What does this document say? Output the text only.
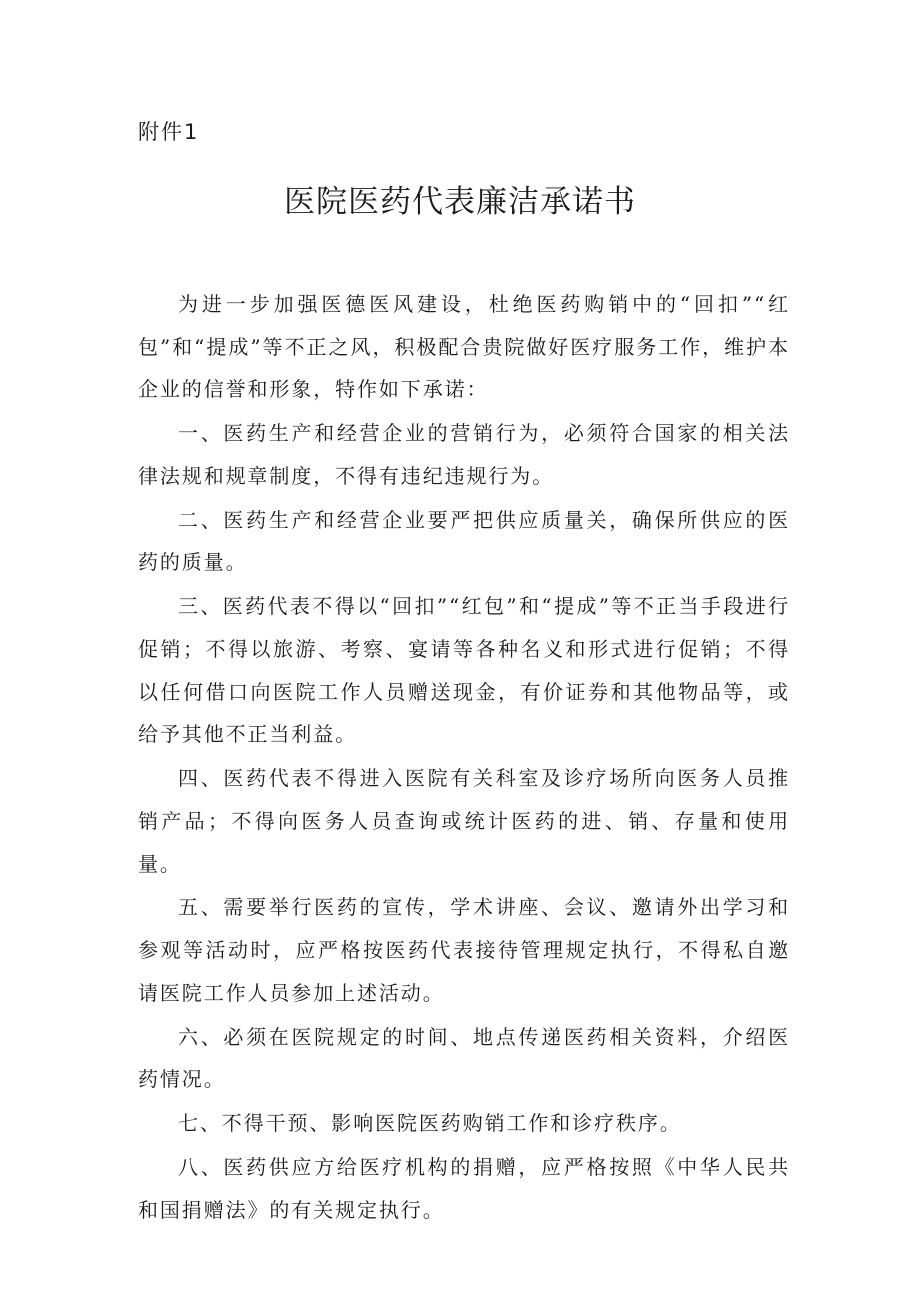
附件1
医院医药代表廉洁承诺书

为进一步加强医德医风建设，杜绝医药购销中的“回扣”“红包”和“提成”等不正之风，积极配合贵院做好医疗服务工作，维护本企业的信誉和形象，特作如下承诺：

一、医药生产和经营企业的营销行为，必须符合国家的相关法律法规和规章制度，不得有违纪违规行为。

二、医药生产和经营企业要严把供应质量关，确保所供应的医药的质量。

三、医药代表不得以“回扣”“红包”和“提成”等不正当手段进行促销；不得以旅游、考察、宴请等各种名义和形式进行促销；不得以任何借口向医院工作人员赠送现金，有价证券和其他物品等，或给予其他不正当利益。

四、医药代表不得进入医院有关科室及诊疗场所向医务人员推销产品；不得向医务人员查询或统计医药的进、销、存量和使用量。

五、需要举行医药的宣传，学术讲座、会议、邀请外出学习和参观等活动时，应严格按医药代表接待管理规定执行，不得私自邀请医院工作人员参加上述活动。

六、必须在医院规定的时间、地点传递医药相关资料，介绍医药情况。

七、不得干预、影响医院医药购销工作和诊疗秩序。

八、医药供应方给医疗机构的捐赠，应严格按照《中华人民共和国捐赠法》的有关规定执行。
